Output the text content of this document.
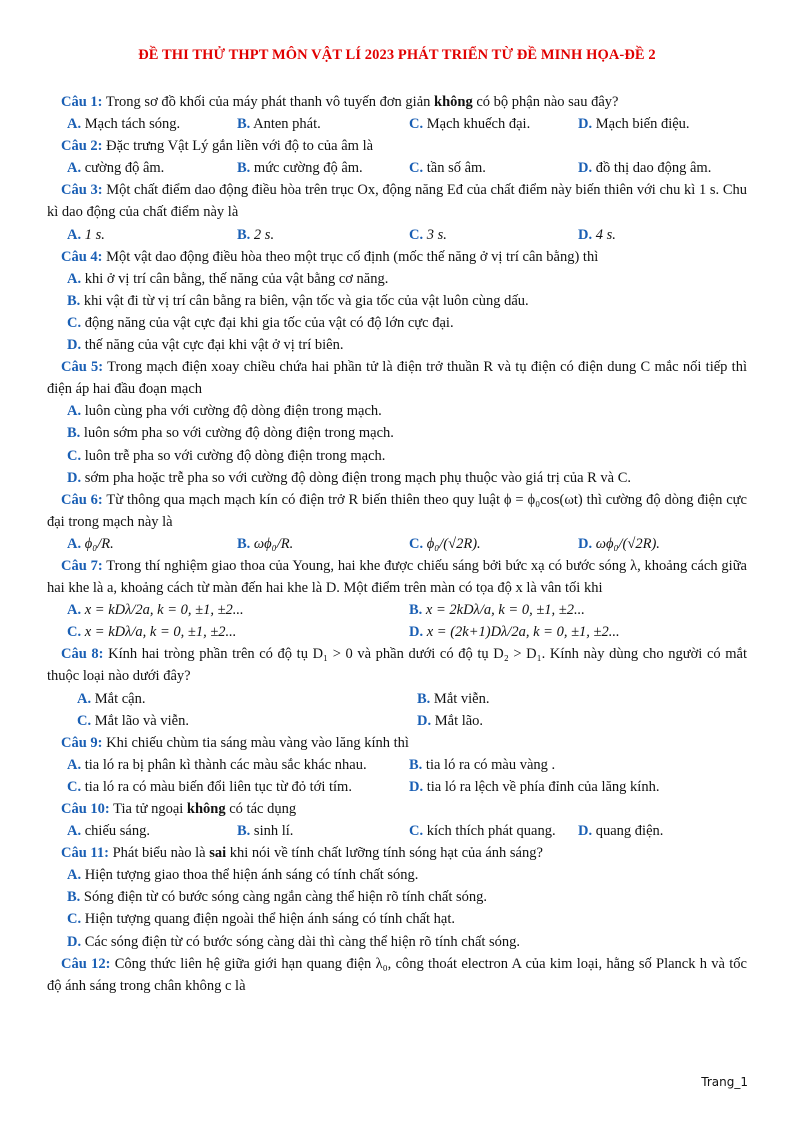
ĐỀ THI THỬ THPT MÔN VẬT LÍ 2023 PHÁT TRIỂN TỪ ĐỀ MINH HỌA-ĐỀ 2

Câu 1: Trong sơ đồ khối của máy phát thanh vô tuyến đơn giản không có bộ phận nào sau đây?

A. Mạch tách sóng.	B. Anten phát.	C. Mạch khuếch đại.	D. Mạch biến điệu.

Câu 2: Đặc trưng Vật Lý gắn liền với độ to của âm là

A. cường độ âm.	B. mức cường độ âm.	C. tần số âm.	D. đồ thị dao động âm.

Câu 3: Một chất điểm dao động điều hòa trên trục Ox, động năng Eđ của chất điểm này biến thiên với chu kì 1 s. Chu kì dao động của chất điểm này là

A. 1 s.	B. 2 s.	C. 3 s.	D. 4 s.

Câu 4: Một vật dao động điều hòa theo một trục cố định (mốc thế năng ở vị trí cân bằng) thì

A. khi ở vị trí cân bằng, thế năng của vật bằng cơ năng.

B. khi vật đi từ vị trí cân bằng ra biên, vận tốc và gia tốc của vật luôn cùng dấu.

C. động năng của vật cực đại khi gia tốc của vật có độ lớn cực đại.

D. thế năng của vật cực đại khi vật ở vị trí biên.

Câu 5: Trong mạch điện xoay chiều chứa hai phần tử là điện trở thuần R và tụ điện có điện dung C mắc nối tiếp thì điện áp hai đầu đoạn mạch

A. luôn cùng pha với cường độ dòng điện trong mạch.

B. luôn sớm pha so với cường độ dòng điện trong mạch.

C. luôn trễ pha so với cường độ dòng điện trong mạch.

D. sớm pha hoặc trễ pha so với cường độ dòng điện trong mạch phụ thuộc vào giá trị của R và C.

Câu 6: Từ thông qua mạch mạch kín có điện trở R biến thiên theo quy luật ϕ = ϕ₀cos(ωt) thì cường độ dòng điện cực đại trong mạch này là

A. ϕ₀/R.	B. ωϕ₀/R.	C. ϕ₀/(√2R).	D. ωϕ₀/(√2R).

Câu 7: Trong thí nghiệm giao thoa của Young, hai khe được chiếu sáng bởi bức xạ có bước sóng λ, khoảng cách giữa hai khe là a, khoảng cách từ màn đến hai khe là D. Một điểm trên màn có tọa độ x là vân tối khi

A. x = kDλ/2a, k = 0, ±1, ±2...	B. x = 2kDλ/a, k = 0, ±1, ±2...
C. x = kDλ/a, k = 0, ±1, ±2...	D. x = (2k+1)Dλ/2a, k = 0, ±1, ±2...

Câu 8: Kính hai tròng phần trên có độ tụ D₁ > 0 và phần dưới có độ tụ D₂ > D₁. Kính này dùng cho người có mắt thuộc loại nào dưới đây?

A. Mắt cận.	B. Mắt viễn.
C. Mắt lão và viễn.	D. Mắt lão.

Câu 9: Khi chiếu chùm tia sáng màu vàng vào lăng kính thì

A. tia ló ra bị phân kì thành các màu sắc khác nhau.	B. tia ló ra có màu vàng .
C. tia ló ra có màu biến đổi liên tục từ đỏ tới tím.	D. tia ló ra lệch về phía đỉnh của lăng kính.

Câu 10: Tia tử ngoại không có tác dụng

A. chiếu sáng.	B. sinh lí.	C. kích thích phát quang.	D. quang điện.

Câu 11: Phát biểu nào là sai khi nói về tính chất lưỡng tính sóng hạt của ánh sáng?

A. Hiện tượng giao thoa thể hiện ánh sáng có tính chất sóng.

B. Sóng điện từ có bước sóng càng ngắn càng thể hiện rõ tính chất sóng.

C. Hiện tượng quang điện ngoài thể hiện ánh sáng có tính chất hạt.

D. Các sóng điện từ có bước sóng càng dài thì càng thể hiện rõ tính chất sóng.

Câu 12: Công thức liên hệ giữa giới hạn quang điện λ₀, công thoát electron A của kim loại, hằng số Planck h và tốc độ ánh sáng trong chân không c là

Trang_1
